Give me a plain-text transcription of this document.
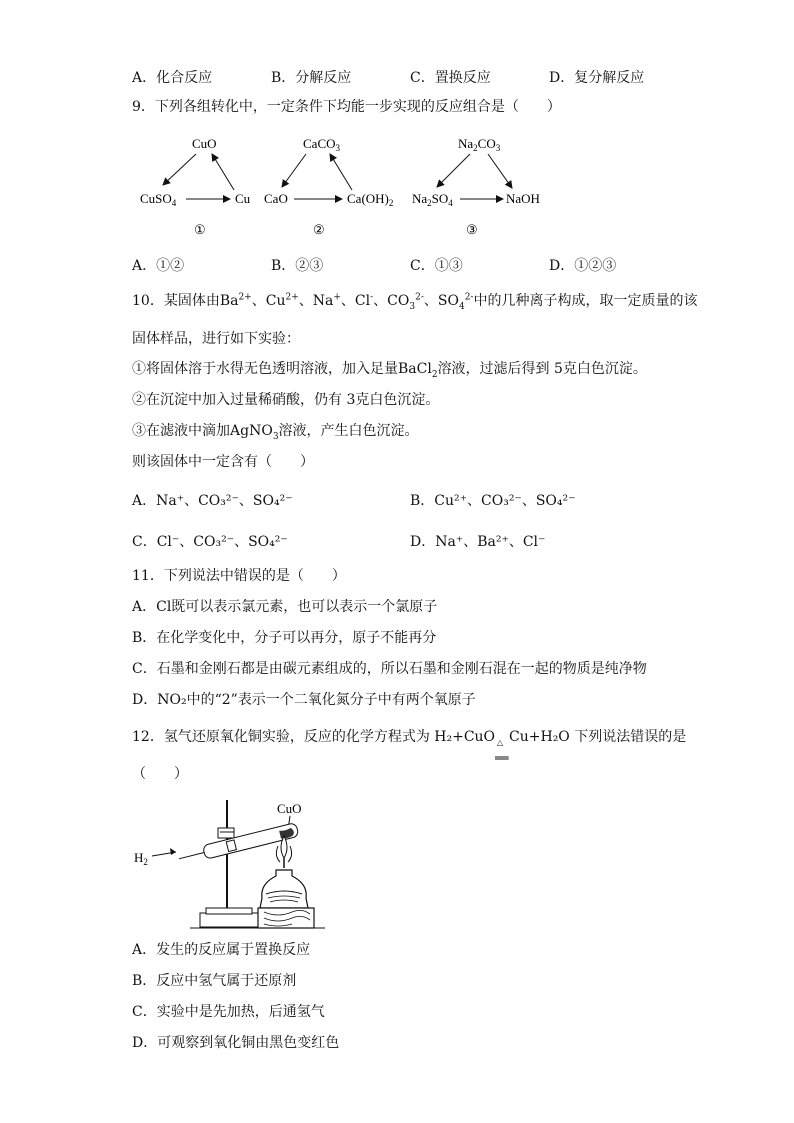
A．化合反应	B．分解反应	C．置换反应	D．复分解反应
9．下列各组转化中，一定条件下均能一步实现的反应组合是（　　）
CuO
CuSO$_4$	Cu
①
CaCO$_3$
CaO	$Ca(OH)_2$
②
$Na_2CO_3$
$Na_2SO_4$	NaOH
③
A．①②	B．②③	C．①③	D．①②③
10．某固体由$Ba^{2+}$、$Cu^{2+}$、Na+、Cl-、$CO_3^{2-}$、$SO_4^{2-}$中的几种离子构成，取一定质量的该
固体样品，进行如下实验：
①将固体溶于水得无色透明溶液，加入足量BaCl$_2$溶液，过滤后得到 5克白色沉淀。
②在沉淀中加入过量稀硝酸，仍有 3克白色沉淀。
③在滤液中滴加AgNO$_3$溶液，产生白色沉淀。
则该固体中一定含有（　　）
A．Na⁺、CO₃²⁻、SO₄²⁻	B．Cu²⁺、CO₃²⁻、SO₄²⁻
C．Cl⁻、CO₃²⁻、SO₄²⁻	D．Na⁺、Ba²⁺、Cl⁻
11．下列说法中错误的是（　　）
A．Cl既可以表示氯元素，也可以表示一个氯原子
B．在化学变化中，分子可以再分，原子不能再分
C．石墨和金刚石都是由碳元素组成的，所以石墨和金刚石混在一起的物质是纯净物
D．NO₂中的“2”表示一个二氧化氮分子中有两个氧原子
12．氢气还原氧化铜实验，反应的化学方程式为 H₂+CuO △
══
Cu+H₂O 下列说法错误的是
（　　）
CuO
$H_2$
A．发生的反应属于置换反应
B．反应中氢气属于还原剂
C．实验中是先加热，后通氢气
D．可观察到氧化铜由黑色变红色
